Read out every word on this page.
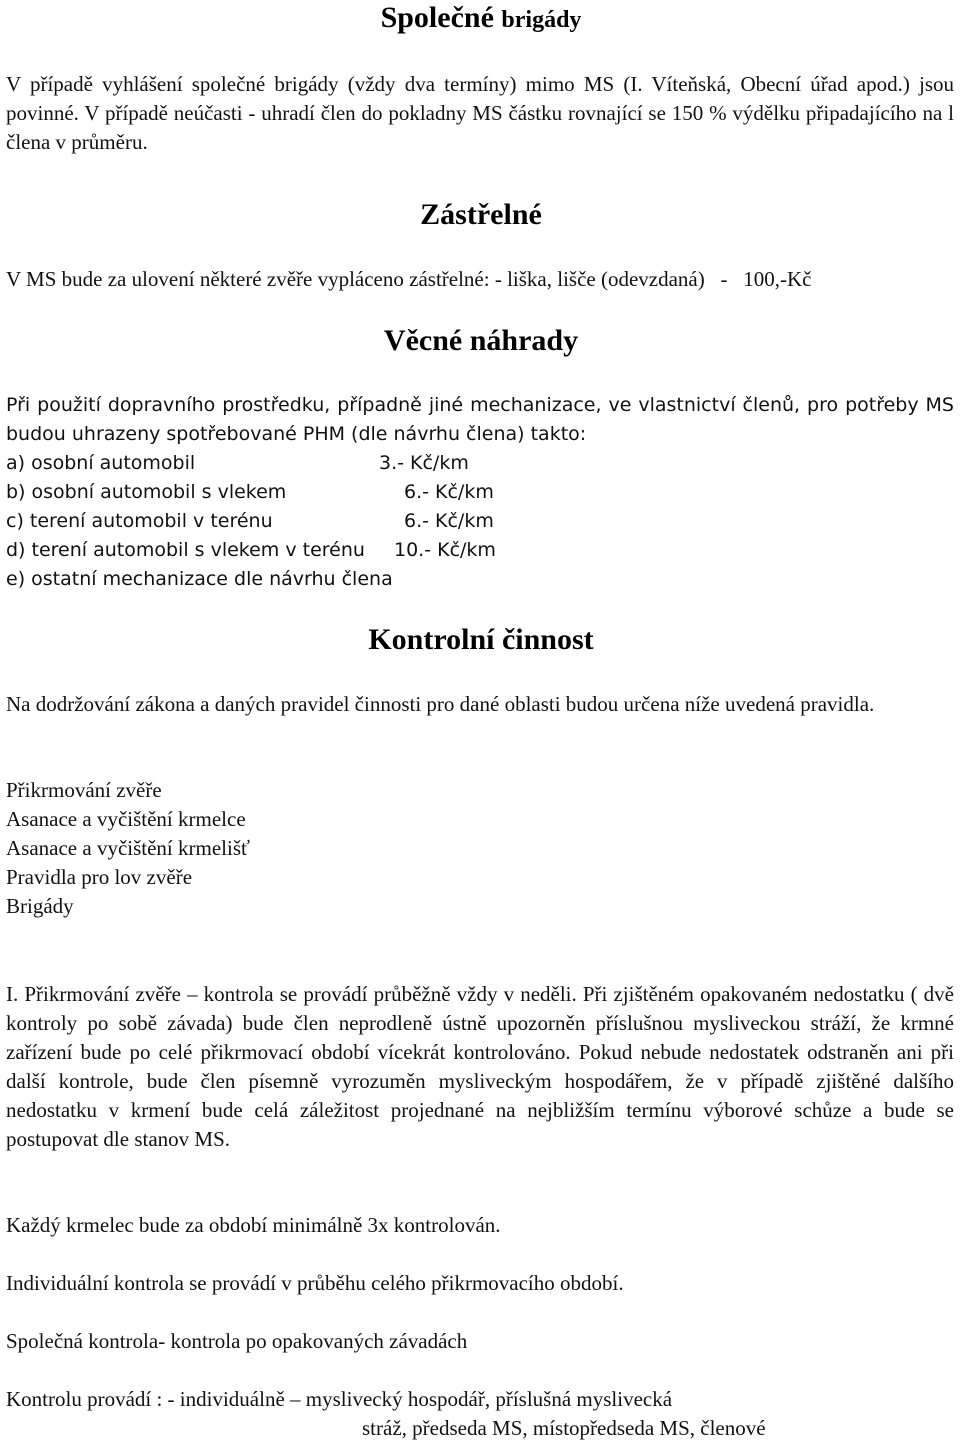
Společné brigády

V případě vyhlášení společné brigády (vždy dva termíny) mimo MS (I. Víteňská, Obecní úřad apod.) jsou povinné. V případě neúčasti - uhradí člen do pokladny MS částku rovnající se 150 % výdělku připadajícího na l člena v průměru.

Zástřelné

V MS bude za ulovení některé zvěře vypláceno zástřelné: - liška, lišče (odevzdaná)   -   100,-Kč

Věcné náhrady

Při použití dopravního prostředku, případně jiné mechanizace, ve vlastnictví členů, pro potřeby MS budou uhrazeny spotřebované PHM (dle návrhu člena) takto:

a) osobní automobil	3.- Kč/km
b) osobní automobil s vlekem	6.- Kč/km
c) terení automobil v terénu	6.- Kč/km
d) terení automobil s vlekem v terénu	10.- Kč/km
e) ostatní mechanizace dle návrhu člena
Kontrolní činnost

Na dodržování zákona a daných pravidel činnosti pro dané oblasti budou určena níže uvedená pravidla.

Přikrmování zvěře
Asanace a vyčištění krmelce
Asanace a vyčištění krmelišť
Pravidla pro lov zvěře
Brigády

I. Přikrmování zvěře – kontrola se provádí průběžně vždy v neděli. Při zjištěném opakovaném nedostatku ( dvě kontroly po sobě závada) bude člen neprodleně ústně upozorněn příslušnou mysliveckou stráží, že krmné zařízení bude po celé přikrmovací období vícekrát kontrolováno. Pokud nebude nedostatek odstraněn ani při další kontrole, bude člen písemně vyrozuměn mysliveckým hospodářem, že v případě zjištěné dalšího nedostatku v krmení bude celá záležitost projednané na nejbližším termínu výborové schůze a bude se postupovat dle stanov MS.

Každý krmelec bude za období minimálně 3x kontrolován.

Individuální kontrola se provádí v průběhu celého přikrmovacího období.

Společná kontrola- kontrola po opakovaných závadách

Kontrolu provádí : - individuálně – myslivecký hospodář, příslušná myslivecká
stráž, předseda MS, místopředseda MS, členové
